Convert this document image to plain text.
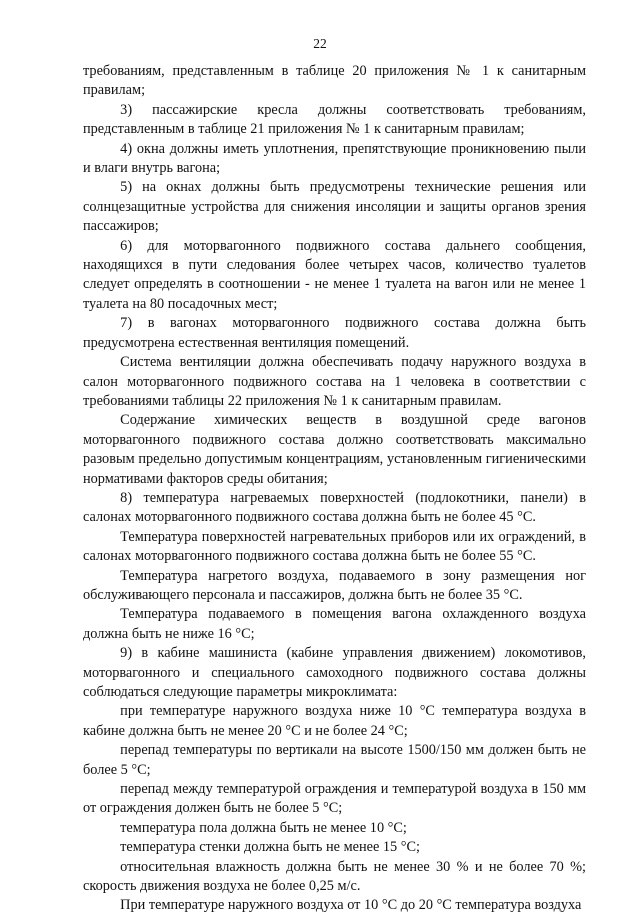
22

требованиям, представленным в таблице 20 приложения № 1 к санитарным правилам;

3) пассажирские кресла должны соответствовать требованиям, представленным в таблице 21 приложения № 1 к санитарным правилам;

4) окна должны иметь уплотнения, препятствующие проникновению пыли и влаги внутрь вагона;

5) на окнах должны быть предусмотрены технические решения или солнцезащитные устройства для снижения инсоляции и защиты органов зрения пассажиров;

6) для моторвагонного подвижного состава дальнего сообщения, находящихся в пути следования более четырех часов, количество туалетов следует определять в соотношении - не менее 1 туалета на вагон или не менее 1 туалета на 80 посадочных мест;

7) в вагонах моторвагонного подвижного состава должна быть предусмотрена естественная вентиляция помещений.

Система вентиляции должна обеспечивать подачу наружного воздуха в салон моторвагонного подвижного состава на 1 человека в соответствии с требованиями таблицы 22 приложения № 1 к санитарным правилам.

Содержание химических веществ в воздушной среде вагонов моторвагонного подвижного состава должно соответствовать максимально разовым предельно допустимым концентрациям, установленным гигиеническими нормативами факторов среды обитания;

8) температура нагреваемых поверхностей (подлокотники, панели) в салонах моторвагонного подвижного состава должна быть не более 45 °С.

Температура поверхностей нагревательных приборов или их ограждений, в салонах моторвагонного подвижного состава должна быть не более 55 °С.

Температура нагретого воздуха, подаваемого в зону размещения ног обслуживающего персонала и пассажиров, должна быть не более 35 °С.

Температура подаваемого в помещения вагона охлажденного воздуха должна быть не ниже 16 °С;

9) в кабине машиниста (кабине управления движением) локомотивов, моторвагонного и специального самоходного подвижного состава должны соблюдаться следующие параметры микроклимата:

при температуре наружного воздуха ниже 10 °С температура воздуха в кабине должна быть не менее 20 °С и не более 24 °С;

перепад температуры по вертикали на высоте 1500/150 мм должен быть не более 5 °С;

перепад между температурой ограждения и температурой воздуха в 150 мм от ограждения должен быть не более 5 °С;

температура пола должна быть не менее 10 °С;

температура стенки должна быть не менее 15 °С;

относительная влажность должна быть не менее 30 % и не более 70 %; скорость движения воздуха не более 0,25 м/с.

При температуре наружного воздуха от 10 °С до 20 °С температура воздуха
